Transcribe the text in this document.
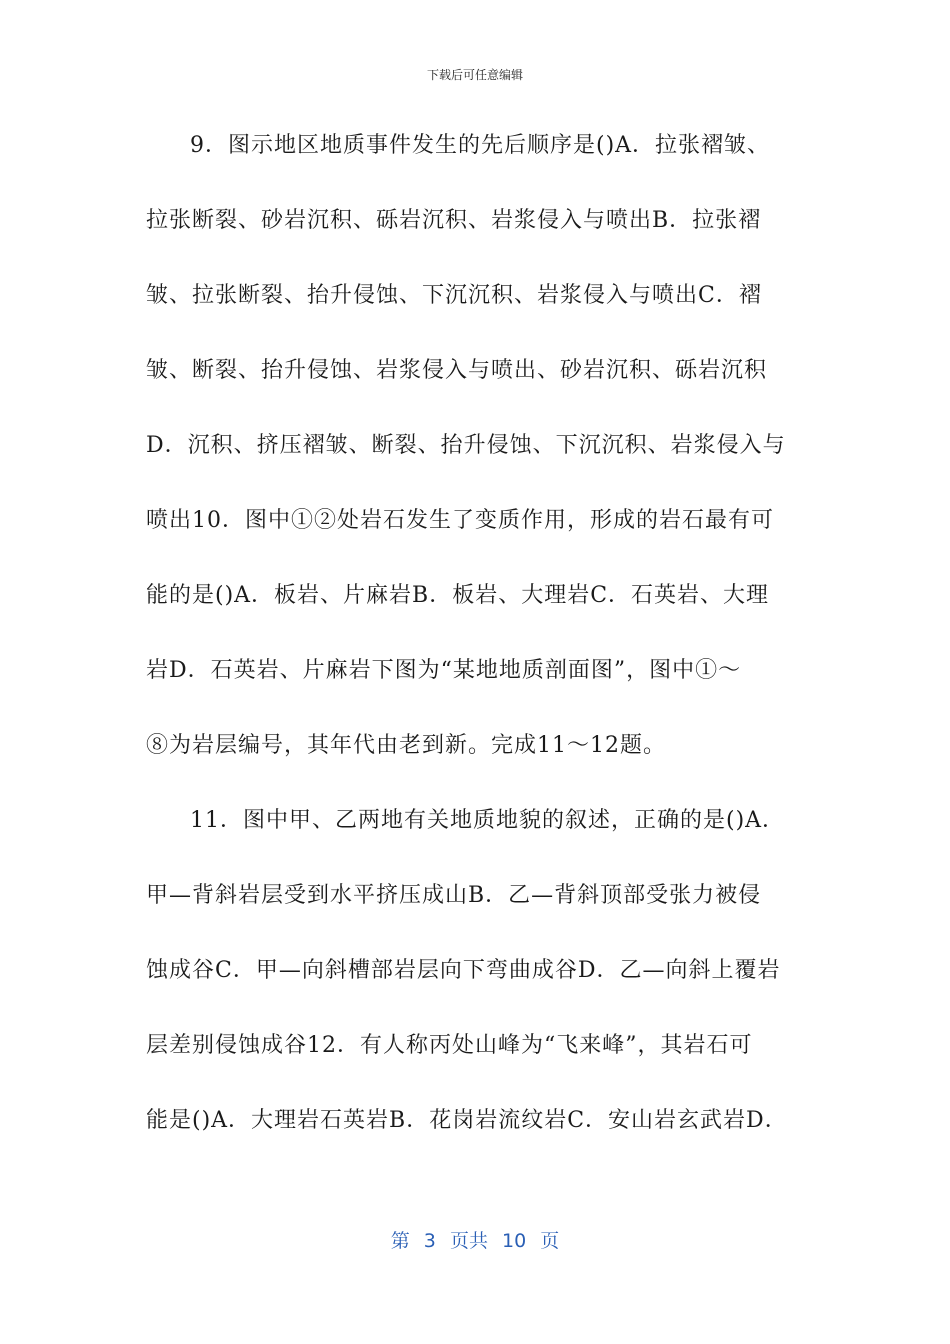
下载后可任意编辑
9．图示地区地质事件发生的先后顺序是()A．拉张褶皱、
拉张断裂、砂岩沉积、砾岩沉积、岩浆侵入与喷出B．拉张褶
皱、拉张断裂、抬升侵蚀、下沉沉积、岩浆侵入与喷出C．褶
皱、断裂、抬升侵蚀、岩浆侵入与喷出、砂岩沉积、砾岩沉积
D．沉积、挤压褶皱、断裂、抬升侵蚀、下沉沉积、岩浆侵入与
喷出10．图中①②处岩石发生了变质作用，形成的岩石最有可
能的是()A．板岩、片麻岩B．板岩、大理岩C．石英岩、大理
岩D．石英岩、片麻岩下图为“某地地质剖面图”，图中①～
⑧为岩层编号，其年代由老到新。完成11～12题。
11．图中甲、乙两地有关地质地貌的叙述，正确的是()A．
甲—背斜岩层受到水平挤压成山B．乙—背斜顶部受张力被侵
蚀成谷C．甲—向斜槽部岩层向下弯曲成谷D．乙—向斜上覆岩
层差别侵蚀成谷12．有人称丙处山峰为“飞来峰”，其岩石可
能是()A．大理岩石英岩B．花岗岩流纹岩C．安山岩玄武岩D．
第 3 页共 10 页
